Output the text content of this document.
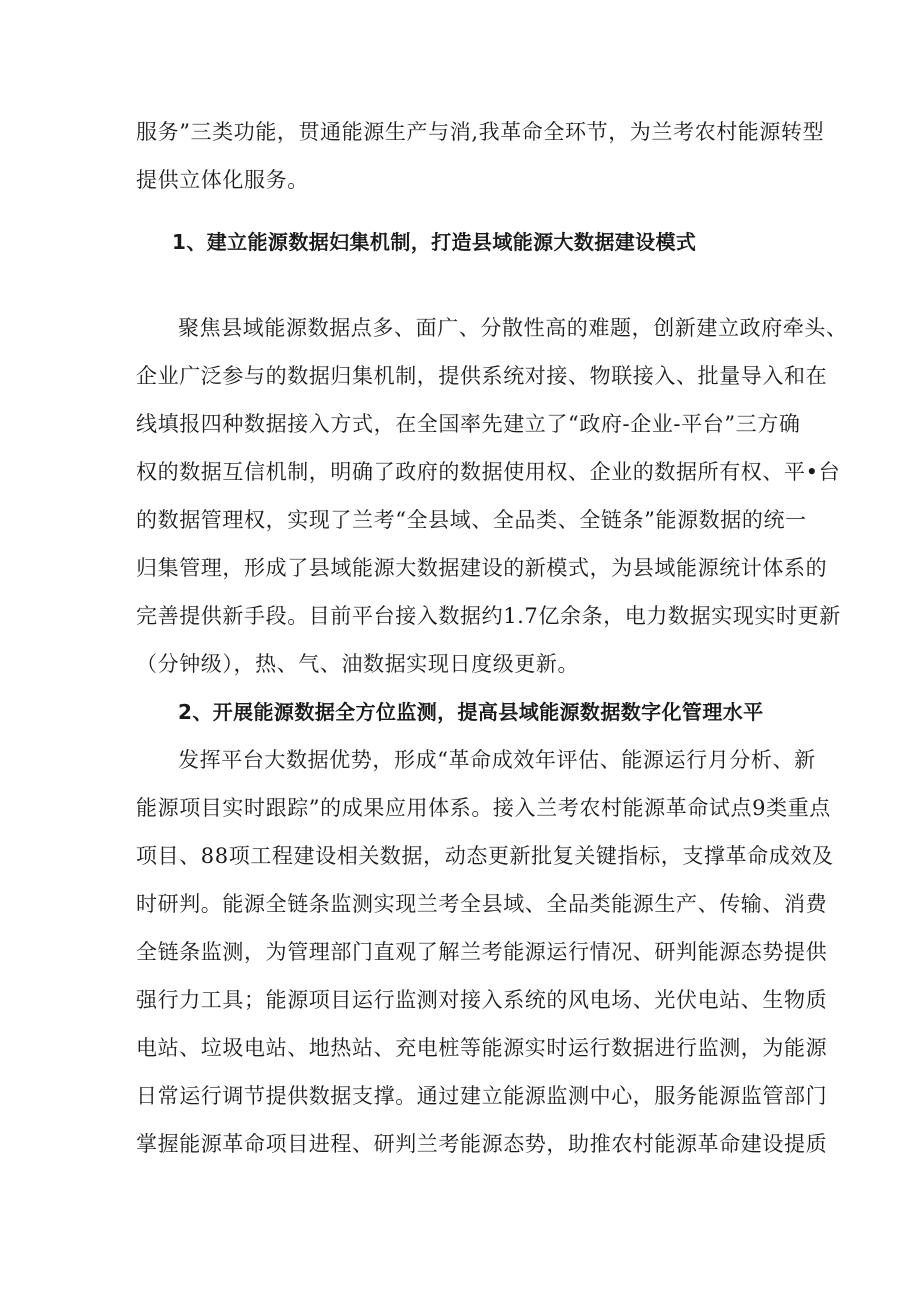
服务”三类功能，贯通能源生产与消,我革命全环节，为兰考农村能源转型
提供立体化服务。
1、建立能源数据妇集机制，打造县域能源大数据建设模式
聚焦县域能源数据点多、面广、分散性高的难题，创新建立政府牵头、
企业广泛参与的数据归集机制，提供系统对接、物联接入、批量导入和在
线填报四种数据接入方式，在全国率先建立了“政府-企业-平台”三方确
权的数据互信机制，明确了政府的数据使用权、企业的数据所有权、平•台
的数据管理权，实现了兰考“全县域、全品类、全链条”能源数据的统一
归集管理，形成了县域能源大数据建设的新模式，为县域能源统计体系的
完善提供新手段。目前平台接入数据约1.7亿余条，电力数据实现实时更新
（分钟级），热、气、油数据实现日度级更新。
2、开展能源数据全方位监测，提高县域能源数据数字化管理水平
发挥平台大数据优势，形成“革命成效年评估、能源运行月分析、新
能源项目实时跟踪”的成果应用体系。接入兰考农村能源革命试点9类重点
项目、88项工程建设相关数据，动态更新批复关键指标，支撑革命成效及
时研判。能源全链条监测实现兰考全县域、全品类能源生产、传输、消费
全链条监测，为管理部门直观了解兰考能源运行情况、研判能源态势提供
强行力工具；能源项目运行监测对接入系统的风电场、光伏电站、生物质
电站、垃圾电站、地热站、充电桩等能源实时运行数据进行监测，为能源
日常运行调节提供数据支撑。通过建立能源监测中心，服务能源监管部门
掌握能源革命项目进程、研判兰考能源态势，助推农村能源革命建设提质
